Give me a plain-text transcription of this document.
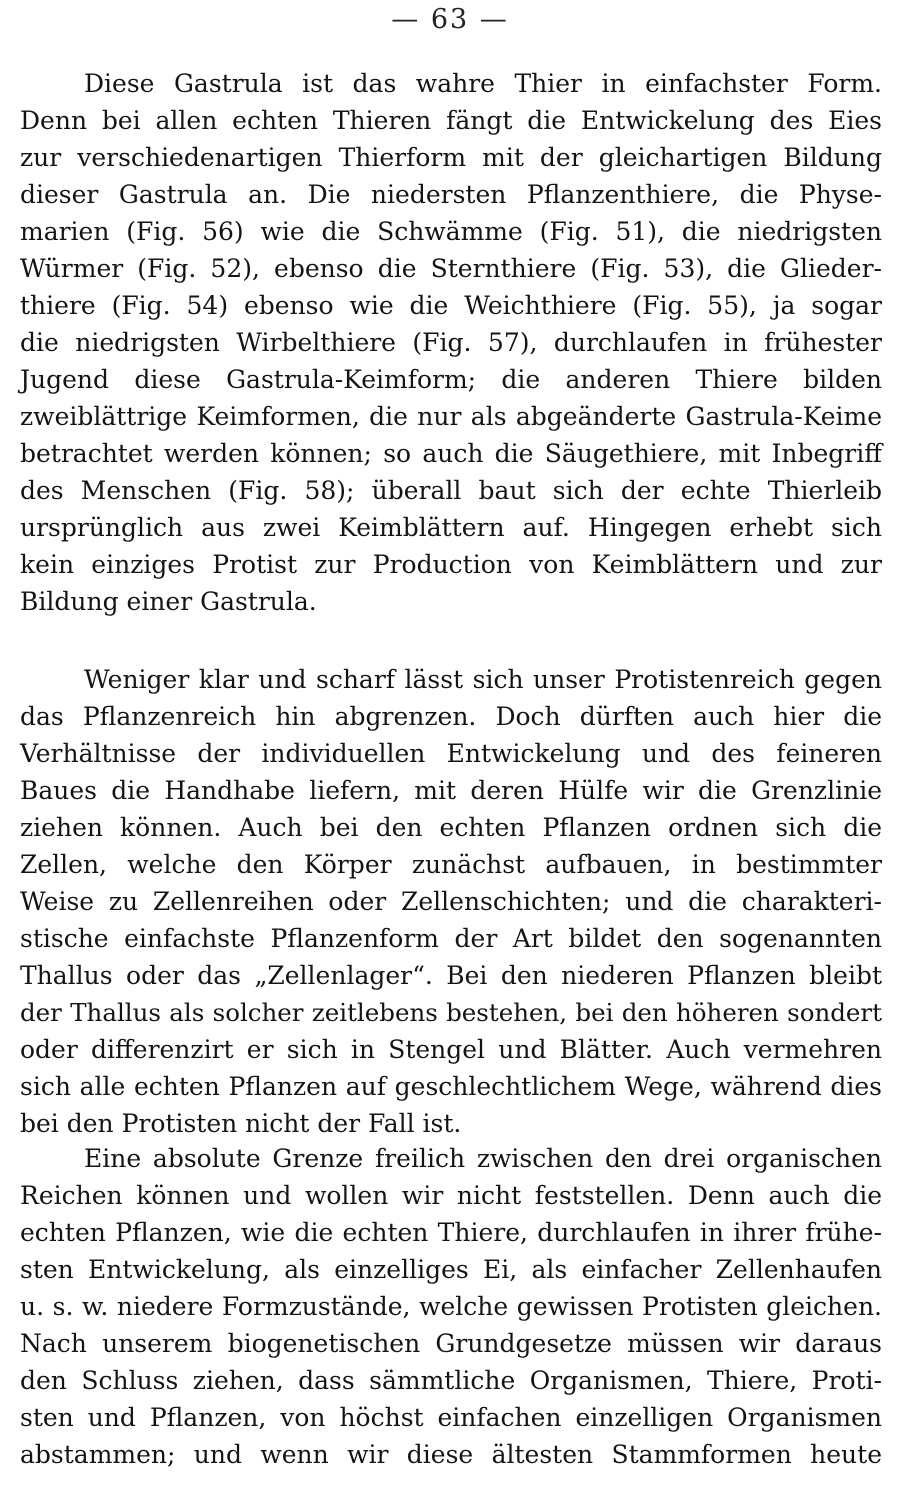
— 63 —
Diese Gastrula ist das wahre Thier in einfachster Form.
Denn bei allen echten Thieren fängt die Entwickelung des Eies
zur verschiedenartigen Thierform mit der gleichartigen Bildung
dieser Gastrula an. Die niedersten Pflanzenthiere, die Physe-
marien (Fig. 56) wie die Schwämme (Fig. 51), die niedrigsten
Würmer (Fig. 52), ebenso die Sternthiere (Fig. 53), die Glieder-
thiere (Fig. 54) ebenso wie die Weichthiere (Fig. 55), ja sogar
die niedrigsten Wirbelthiere (Fig. 57), durchlaufen in frühester
Jugend diese Gastrula-Keimform; die anderen Thiere bilden
zweiblättrige Keimformen, die nur als abgeänderte Gastrula-Keime
betrachtet werden können; so auch die Säugethiere, mit Inbegriff
des Menschen (Fig. 58); überall baut sich der echte Thierleib
ursprünglich aus zwei Keimblättern auf. Hingegen erhebt sich
kein einziges Protist zur Production von Keimblättern und zur
Bildung einer Gastrula.
Weniger klar und scharf lässt sich unser Protistenreich gegen
das Pflanzenreich hin abgrenzen. Doch dürften auch hier die
Verhältnisse der individuellen Entwickelung und des feineren
Baues die Handhabe liefern, mit deren Hülfe wir die Grenzlinie
ziehen können. Auch bei den echten Pflanzen ordnen sich die
Zellen, welche den Körper zunächst aufbauen, in bestimmter
Weise zu Zellenreihen oder Zellenschichten; und die charakteri-
stische einfachste Pflanzenform der Art bildet den sogenannten
Thallus oder das „Zellenlager“. Bei den niederen Pflanzen bleibt
der Thallus als solcher zeitlebens bestehen, bei den höheren sondert
oder differenzirt er sich in Stengel und Blätter. Auch vermehren
sich alle echten Pflanzen auf geschlechtlichem Wege, während dies
bei den Protisten nicht der Fall ist.
Eine absolute Grenze freilich zwischen den drei organischen
Reichen können und wollen wir nicht feststellen. Denn auch die
echten Pflanzen, wie die echten Thiere, durchlaufen in ihrer frühe-
sten Entwickelung, als einzelliges Ei, als einfacher Zellenhaufen
u. s. w. niedere Formzustände, welche gewissen Protisten gleichen.
Nach unserem biogenetischen Grundgesetze müssen wir daraus
den Schluss ziehen, dass sämmtliche Organismen, Thiere, Proti-
sten und Pflanzen, von höchst einfachen einzelligen Organismen
abstammen; und wenn wir diese ältesten Stammformen heute
